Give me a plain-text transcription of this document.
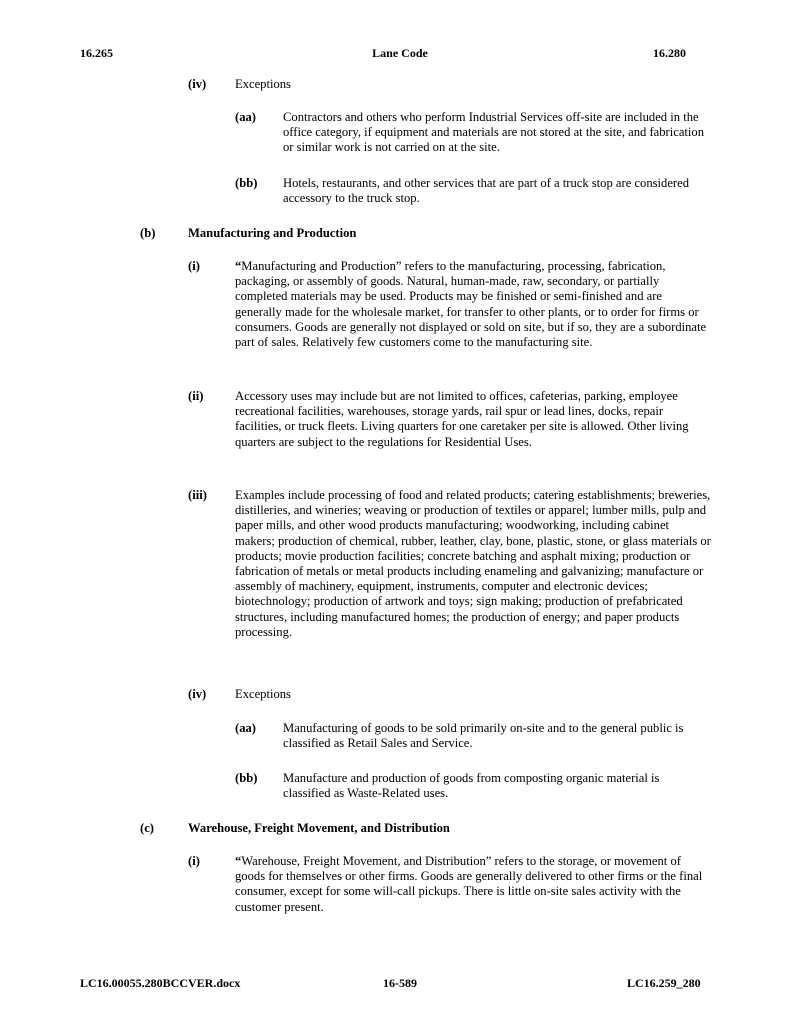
16.265	Lane Code	16.280
(iv) Exceptions
(aa) Contractors and others who perform Industrial Services off-site are included in the office category, if equipment and materials are not stored at the site, and fabrication or similar work is not carried on at the site.

(bb) Hotels, restaurants, and other services that are part of a truck stop are considered accessory to the truck stop.

(b)	Manufacturing and Production
(i)	“Manufacturing and Production” refers to the manufacturing, processing, fabrication, packaging, or assembly of goods. Natural, human-made, raw, secondary, or partially completed materials may be used. Products may be finished or semi-finished and are generally made for the wholesale market, for transfer to other plants, or to order for firms or consumers. Goods are generally not displayed or sold on site, but if so, they are a subordinate part of sales. Relatively few customers come to the manufacturing site.

(ii)	Accessory uses may include but are not limited to offices, cafeterias, parking, employee recreational facilities, warehouses, storage yards, rail spur or lead lines, docks, repair facilities, or truck fleets. Living quarters for one caretaker per site is allowed. Other living quarters are subject to the regulations for Residential Uses.

(iii) Examples include processing of food and related products; catering establishments; breweries, distilleries, and wineries; weaving or production of textiles or apparel; lumber mills, pulp and paper mills, and other wood products manufacturing; woodworking, including cabinet makers; production of chemical, rubber, leather, clay, bone, plastic, stone, or glass materials or products; movie production facilities; concrete batching and asphalt mixing; production or fabrication of metals or metal products including enameling and galvanizing; manufacture or assembly of machinery, equipment, instruments, computer and electronic devices; biotechnology; production of artwork and toys; sign making; production of prefabricated structures, including manufactured homes; the production of energy; and paper products processing.

(iv) Exceptions
(aa) Manufacturing of goods to be sold primarily on-site and to the general public is classified as Retail Sales and Service.

(bb) Manufacture and production of goods from composting organic material is classified as Waste-Related uses.

(c)	Warehouse, Freight Movement, and Distribution
(i)	“Warehouse, Freight Movement, and Distribution” refers to the storage, or movement of goods for themselves or other firms. Goods are generally delivered to other firms or the final consumer, except for some will-call pickups. There is little on-site sales activity with the customer present.

LC16.00055.280BCCVER.docx	16-589	LC16.259_280
